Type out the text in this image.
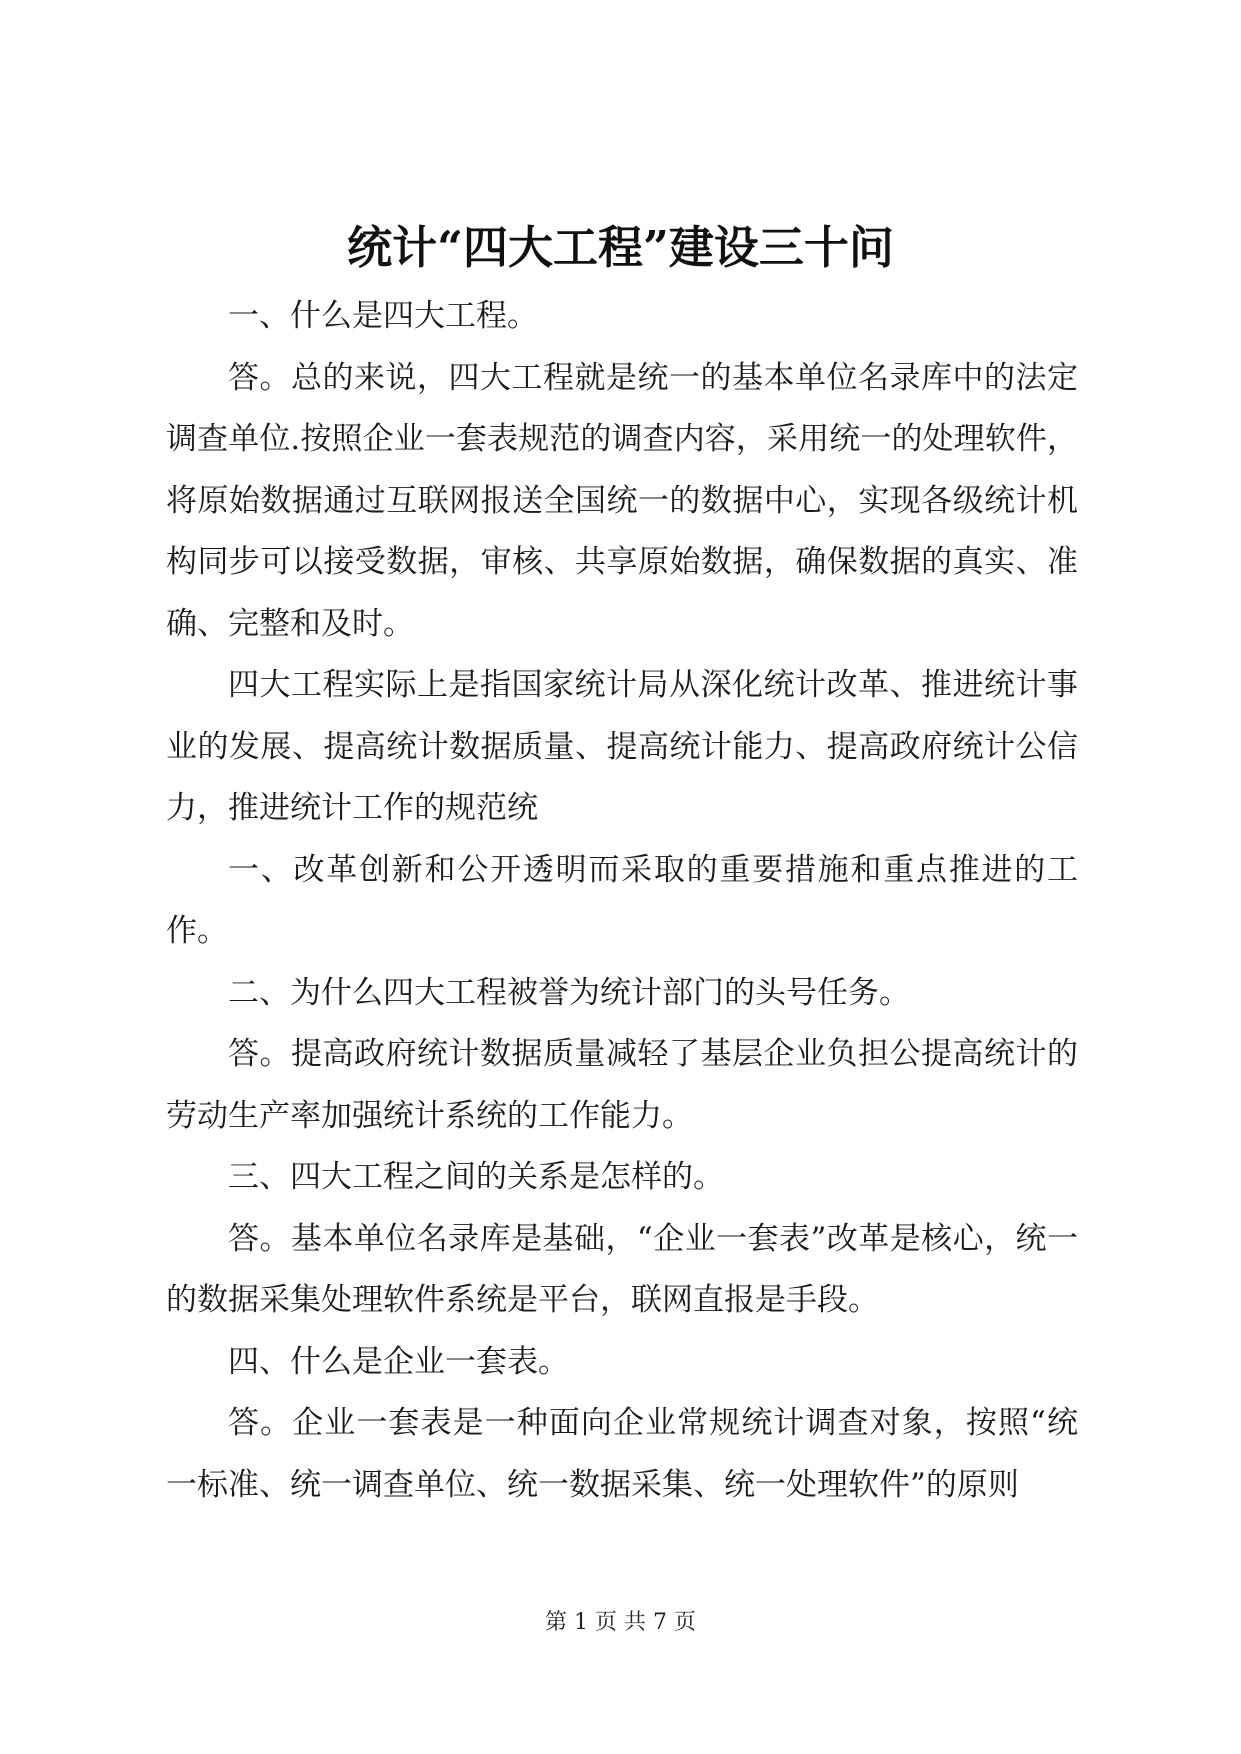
统计“四大工程”建设三十问

一、什么是四大工程。

答。总的来说，四大工程就是统一的基本单位名录库中的法定调查单位.按照企业一套表规范的调查内容，采用统一的处理软件，将原始数据通过互联网报送全国统一的数据中心，实现各级统计机构同步可以接受数据，审核、共享原始数据，确保数据的真实、准确、完整和及时。

四大工程实际上是指国家统计局从深化统计改革、推进统计事业的发展、提高统计数据质量、提高统计能力、提高政府统计公信力，推进统计工作的规范统

一、改革创新和公开透明而采取的重要措施和重点推进的工作。

二、为什么四大工程被誉为统计部门的头号任务。

答。提高政府统计数据质量减轻了基层企业负担公提高统计的劳动生产率加强统计系统的工作能力。

三、四大工程之间的关系是怎样的。

答。基本单位名录库是基础，“企业一套表”改革是核心，统一的数据采集处理软件系统是平台，联网直报是手段。

四、什么是企业一套表。

答。企业一套表是一种面向企业常规统计调查对象，按照“统一标准、统一调查单位、统一数据采集、统一处理软件”的原则

第 1 页 共 7 页
